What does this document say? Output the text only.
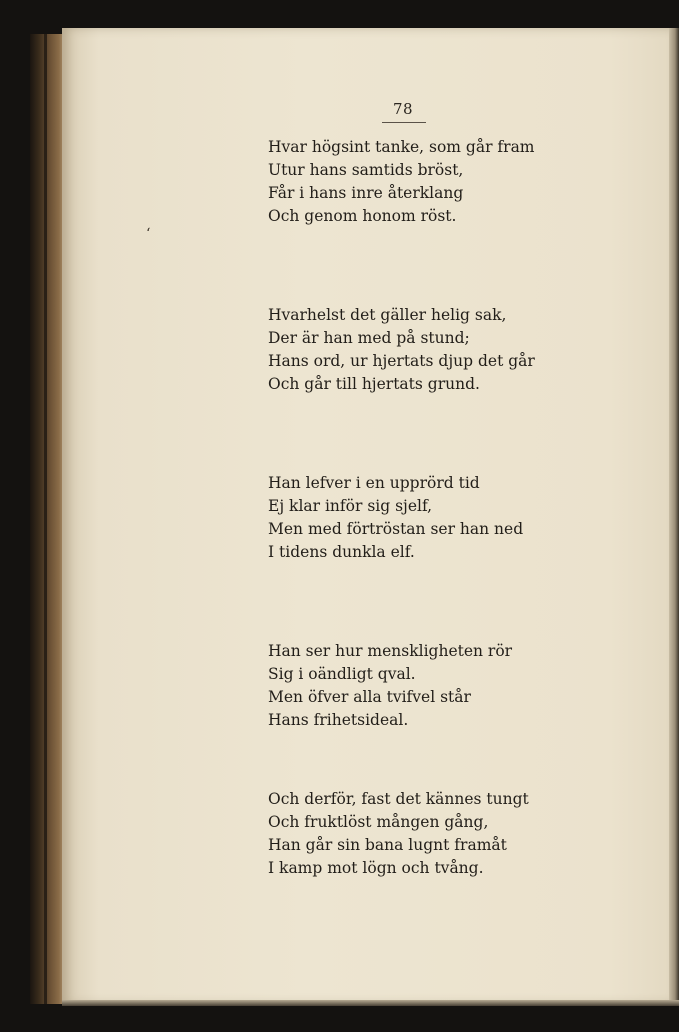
78
ʻ
Hvar högsint tanke, som går fram
Utur hans samtids bröst,
Får i hans inre återklang
Och genom honom röst.
Hvarhelst det gäller helig sak,
Der är han med på stund;
Hans ord, ur hjertats djup det går
Och går till hjertats grund.
Han lefver i en upprörd tid
Ej klar inför sig sjelf,
Men med förtröstan ser han ned
I tidens dunkla elf.
Han ser hur menskligheten rör
Sig i oändligt qval.
Men öfver alla tvifvel står
Hans frihetsideal.
Och derför, fast det kännes tungt
Och fruktlöst mången gång,
Han går sin bana lugnt framåt
I kamp mot lögn och tvång.
